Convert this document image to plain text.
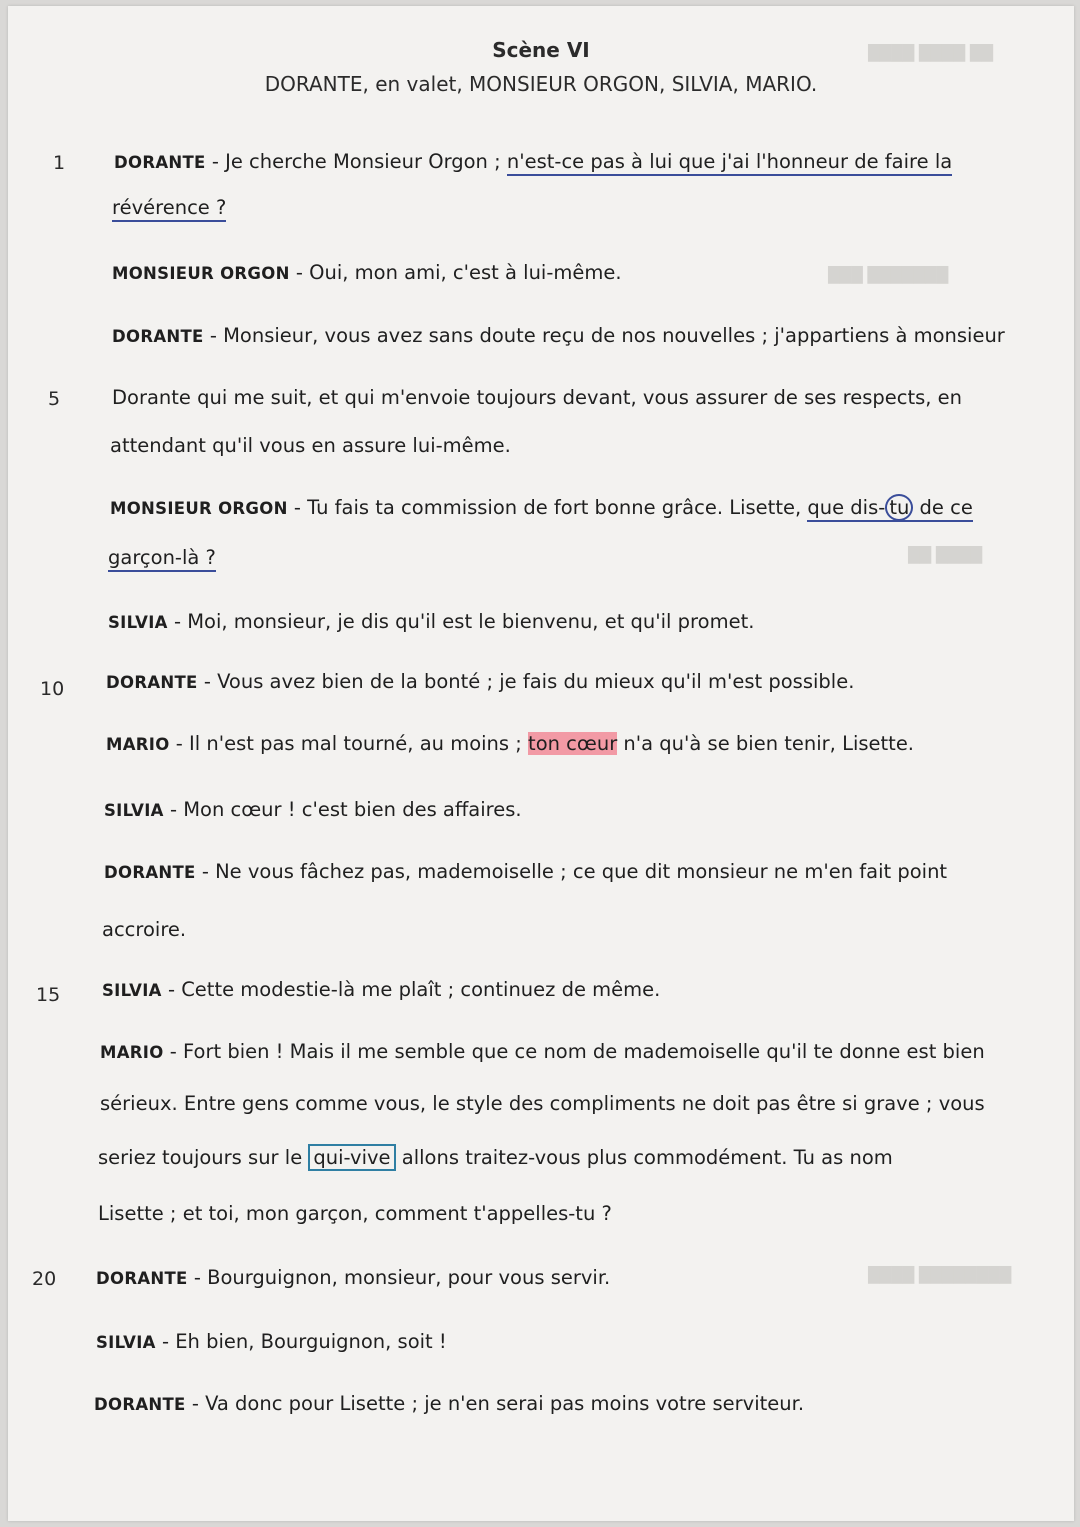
████ ████ ██
███ ███████
██ ████
████ ████████
Scène VI
DORANTE, en valet, MONSIEUR ORGON, SILVIA, MARIO.
1
5
10
15
20
DORANTE - Je cherche Monsieur Orgon ; n'est-ce pas à lui que j'ai l'honneur de faire la
révérence ?
MONSIEUR ORGON - Oui, mon ami, c'est à lui-même.
DORANTE - Monsieur, vous avez sans doute reçu de nos nouvelles ; j'appartiens à monsieur
Dorante qui me suit, et qui m'envoie toujours devant, vous assurer de ses respects, en
attendant qu'il vous en assure lui-même.
MONSIEUR ORGON - Tu fais ta commission de fort bonne grâce. Lisette, que dis- tu de ce
garçon-là ?
SILVIA - Moi, monsieur, je dis qu'il est le bienvenu, et qu'il promet.
DORANTE - Vous avez bien de la bonté ; je fais du mieux qu'il m'est possible.
MARIO - Il n'est pas mal tourné, au moins ; ton cœur n'a qu'à se bien tenir, Lisette.
SILVIA - Mon cœur ! c'est bien des affaires.
DORANTE - Ne vous fâchez pas, mademoiselle ; ce que dit monsieur ne m'en fait point
accroire.
SILVIA - Cette modestie-là me plaît ; continuez de même.
MARIO - Fort bien ! Mais il me semble que ce nom de mademoiselle qu'il te donne est bien
sérieux. Entre gens comme vous, le style des compliments ne doit pas être si grave ; vous
seriez toujours sur le qui-vive allons traitez-vous plus commodément. Tu as nom
Lisette ; et toi, mon garçon, comment t'appelles-tu ?
DORANTE - Bourguignon, monsieur, pour vous servir.
SILVIA - Eh bien, Bourguignon, soit !
DORANTE - Va donc pour Lisette ; je n'en serai pas moins votre serviteur.
